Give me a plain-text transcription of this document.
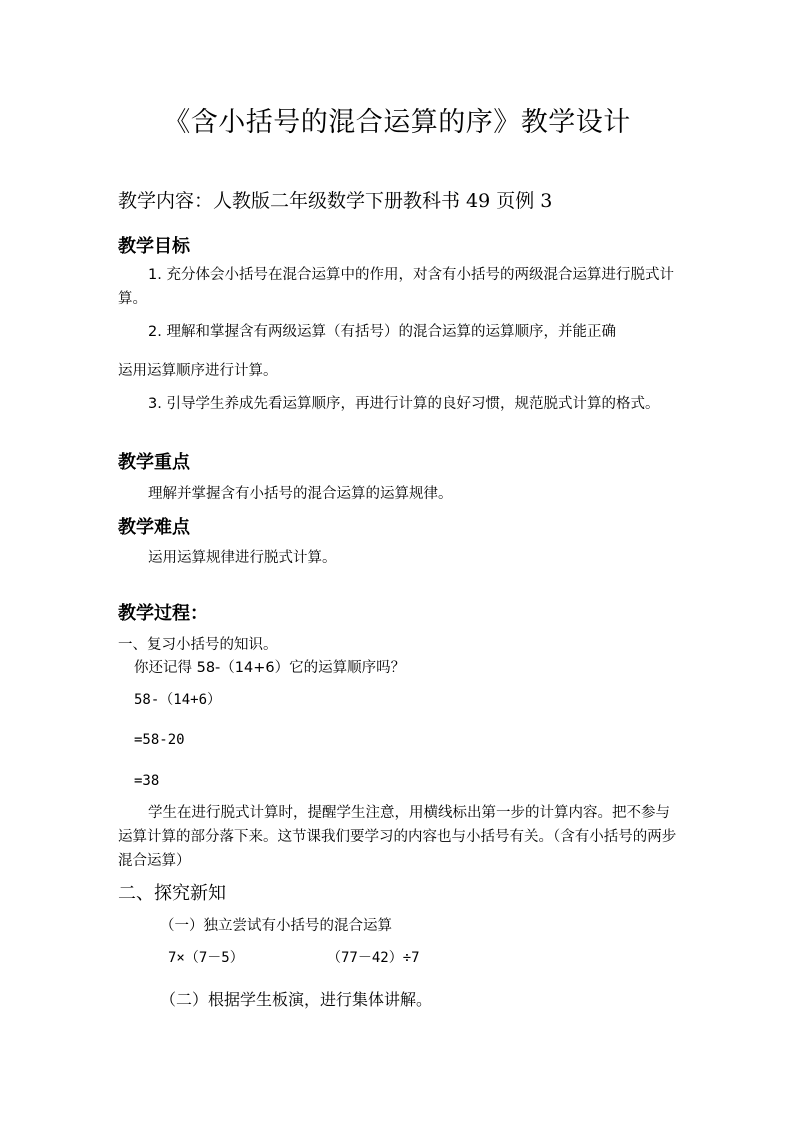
《含小括号的混合运算的序》教学设计
教学内容：人教版二年级数学下册教科书 49 页例 3
教学目标
1. 充分体会小括号在混合运算中的作用，对含有小括号的两级混合运算进行脱式计算。
2. 理解和掌握含有两级运算（有括号）的混合运算的运算顺序，并能正确
运用运算顺序进行计算。
3. 引导学生养成先看运算顺序，再进行计算的良好习惯，规范脱式计算的格式。
教学重点
理解并掌握含有小括号的混合运算的运算规律。
教学难点
运用运算规律进行脱式计算。
教学过程：
一、复习小括号的知识。
你还记得 58-（14+6）它的运算顺序吗？
58-（14+6）
=58-20
=38
学生在进行脱式计算时，提醒学生注意，用横线标出第一步的计算内容。把不参与运算计算的部分落下来。这节课我们要学习的内容也与小括号有关。（含有小括号的两步混合运算）
二、探究新知
（一）独立尝试有小括号的混合运算
7×（7－5）	（77－42）÷7
（二）根据学生板演，进行集体讲解。
